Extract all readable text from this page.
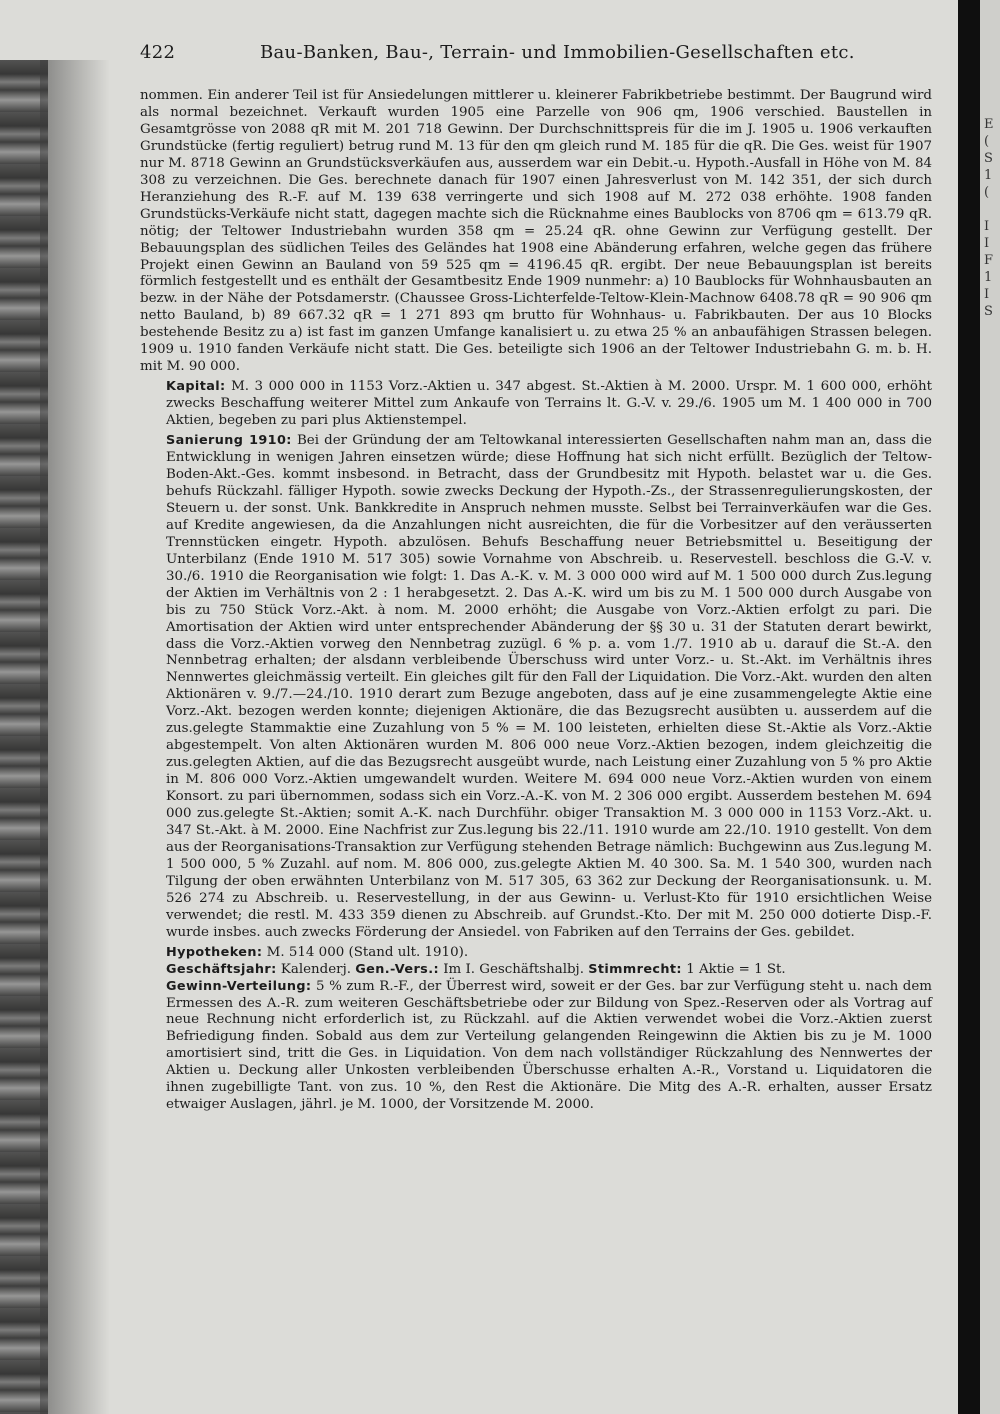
422	Bau-Banken, Bau-, Terrain- und Immobilien-Gesellschaften etc.

nommen. Ein anderer Teil ist für Ansiedelungen mittlerer u. kleinerer Fabrikbetriebe bestimmt. Der Baugrund wird als normal bezeichnet. Verkauft wurden 1905 eine Parzelle von 906 qm, 1906 verschied. Baustellen in Gesamtgrösse von 2088 qR mit M. 201 718 Gewinn. Der Durchschnittspreis für die im J. 1905 u. 1906 verkauften Grundstücke (fertig reguliert) betrug rund M. 13 für den qm gleich rund M. 185 für die qR. Die Ges. weist für 1907 nur M. 8718 Gewinn an Grundstücksverkäufen aus, ausserdem war ein Debit.-u. Hypoth.-Ausfall in Höhe von M. 84 308 zu verzeichnen. Die Ges. berechnete danach für 1907 einen Jahresverlust von M. 142 351, der sich durch Heranziehung des R.-F. auf M. 139 638 verringerte und sich 1908 auf M. 272 038 erhöhte. 1908 fanden Grundstücks-Verkäufe nicht statt, dagegen machte sich die Rücknahme eines Baublocks von 8706 qm = 613.79 qR. nötig; der Teltower Industriebahn wurden 358 qm = 25.24 qR. ohne Gewinn zur Verfügung gestellt. Der Bebauungsplan des südlichen Teiles des Geländes hat 1908 eine Abänderung erfahren, welche gegen das frühere Projekt einen Gewinn an Bauland von 59 525 qm = 4196.45 qR. ergibt. Der neue Bebauungsplan ist bereits förmlich festgestellt und es enthält der Gesamtbesitz Ende 1909 nunmehr: a) 10 Baublocks für Wohnhausbauten an bezw. in der Nähe der Potsdamerstr. (Chaussee Gross-Lichterfelde-Teltow-Klein-Machnow 6408.78 qR = 90 906 qm netto Bauland, b) 89 667.32 qR = 1 271 893 qm brutto für Wohnhaus- u. Fabrikbauten. Der aus 10 Blocks bestehende Besitz zu a) ist fast im ganzen Umfange kanalisiert u. zu etwa 25 % an anbaufähigen Strassen belegen. 1909 u. 1910 fanden Verkäufe nicht statt. Die Ges. beteiligte sich 1906 an der Teltower Industriebahn G. m. b. H. mit M. 90 000.

Kapital: M. 3 000 000 in 1153 Vorz.-Aktien u. 347 abgest. St.-Aktien à M. 2000. Urspr. M. 1 600 000, erhöht zwecks Beschaffung weiterer Mittel zum Ankaufe von Terrains lt. G.-V. v. 29./6. 1905 um M. 1 400 000 in 700 Aktien, begeben zu pari plus Aktienstempel.

Sanierung 1910: Bei der Gründung der am Teltowkanal interessierten Gesellschaften nahm man an, dass die Entwicklung in wenigen Jahren einsetzen würde; diese Hoffnung hat sich nicht erfüllt. Bezüglich der Teltow-Boden-Akt.-Ges. kommt insbesond. in Betracht, dass der Grundbesitz mit Hypoth. belastet war u. die Ges. behufs Rückzahl. fälliger Hypoth. sowie zwecks Deckung der Hypoth.-Zs., der Strassenregulierungskosten, der Steuern u. der sonst. Unk. Bankkredite in Anspruch nehmen musste. Selbst bei Terrainverkäufen war die Ges. auf Kredite angewiesen, da die Anzahlungen nicht ausreichten, die für die Vorbesitzer auf den veräusserten Trennstücken eingetr. Hypoth. abzulösen. Behufs Beschaffung neuer Betriebsmittel u. Beseitigung der Unterbilanz (Ende 1910 M. 517 305) sowie Vornahme von Abschreib. u. Reservestell. beschloss die G.-V. v. 30./6. 1910 die Reorganisation wie folgt: 1. Das A.-K. v. M. 3 000 000 wird auf M. 1 500 000 durch Zus.legung der Aktien im Verhältnis von 2 : 1 herabgesetzt. 2. Das A.-K. wird um bis zu M. 1 500 000 durch Ausgabe von bis zu 750 Stück Vorz.-Akt. à nom. M. 2000 erhöht; die Ausgabe von Vorz.-Aktien erfolgt zu pari. Die Amortisation der Aktien wird unter entsprechender Abänderung der §§ 30 u. 31 der Statuten derart bewirkt, dass die Vorz.-Aktien vorweg den Nennbetrag zuzügl. 6 % p. a. vom 1./7. 1910 ab u. darauf die St.-A. den Nennbetrag erhalten; der alsdann verbleibende Überschuss wird unter Vorz.- u. St.-Akt. im Verhältnis ihres Nennwertes gleichmässig verteilt. Ein gleiches gilt für den Fall der Liquidation. Die Vorz.-Akt. wurden den alten Aktionären v. 9./7.—24./10. 1910 derart zum Bezuge angeboten, dass auf je eine zusammengelegte Aktie eine Vorz.-Akt. bezogen werden konnte; diejenigen Aktionäre, die das Bezugsrecht ausübten u. ausserdem auf die zus.gelegte Stammaktie eine Zuzahlung von 5 % = M. 100 leisteten, erhielten diese St.-Aktie als Vorz.-Aktie abgestempelt. Von alten Aktionären wurden M. 806 000 neue Vorz.-Aktien bezogen, indem gleichzeitig die zus.gelegten Aktien, auf die das Bezugsrecht ausgeübt wurde, nach Leistung einer Zuzahlung von 5 % pro Aktie in M. 806 000 Vorz.-Aktien umgewandelt wurden. Weitere M. 694 000 neue Vorz.-Aktien wurden von einem Konsort. zu pari übernommen, sodass sich ein Vorz.-A.-K. von M. 2 306 000 ergibt. Ausserdem bestehen M. 694 000 zus.gelegte St.-Aktien; somit A.-K. nach Durchführ. obiger Transaktion M. 3 000 000 in 1153 Vorz.-Akt. u. 347 St.-Akt. à M. 2000. Eine Nachfrist zur Zus.legung bis 22./11. 1910 wurde am 22./10. 1910 gestellt. Von dem aus der Reorganisations-Transaktion zur Verfügung stehenden Betrage nämlich: Buchgewinn aus Zus.legung M. 1 500 000, 5 % Zuzahl. auf nom. M. 806 000, zus.gelegte Aktien M. 40 300. Sa. M. 1 540 300, wurden nach Tilgung der oben erwähnten Unterbilanz von M. 517 305, 63 362 zur Deckung der Reorganisationsunk. u. M. 526 274 zu Abschreib. u. Reservestellung, in der aus Gewinn- u. Verlust-Kto für 1910 ersichtlichen Weise verwendet; die restl. M. 433 359 dienen zu Abschreib. auf Grundst.-Kto. Der mit M. 250 000 dotierte Disp.-F. wurde insbes. auch zwecks Förderung der Ansiedel. von Fabriken auf den Terrains der Ges. gebildet.

Hypotheken: M. 514 000 (Stand ult. 1910).

Geschäftsjahr: Kalenderj. Gen.-Vers.: Im I. Geschäftshalbj. Stimmrecht: 1 Aktie = 1 St.

Gewinn-Verteilung: 5 % zum R.-F., der Überrest wird, soweit er der Ges. bar zur Verfügung steht u. nach dem Ermessen des A.-R. zum weiteren Geschäftsbetriebe oder zur Bildung von Spez.-Reserven oder als Vortrag auf neue Rechnung nicht erforderlich ist, zu Rückzahl. auf die Aktien verwendet wobei die Vorz.-Aktien zuerst Befriedigung finden. Sobald aus dem zur Verteilung gelangenden Reingewinn die Aktien bis zu je M. 1000 amortisiert sind, tritt die Ges. in Liquidation. Von dem nach vollständiger Rückzahlung des Nennwertes der Aktien u. Deckung aller Unkosten verbleibenden Überschusse erhalten A.-R., Vorstand u. Liquidatoren die ihnen zugebilligte Tant. von zus. 10 %, den Rest die Aktionäre. Die Mitg des A.-R. erhalten, ausser Ersatz etwaiger Auslagen, jährl. je M. 1000, der Vorsitzende M. 2000.

E
(
S
1
(
I
I
F
1
I
S
